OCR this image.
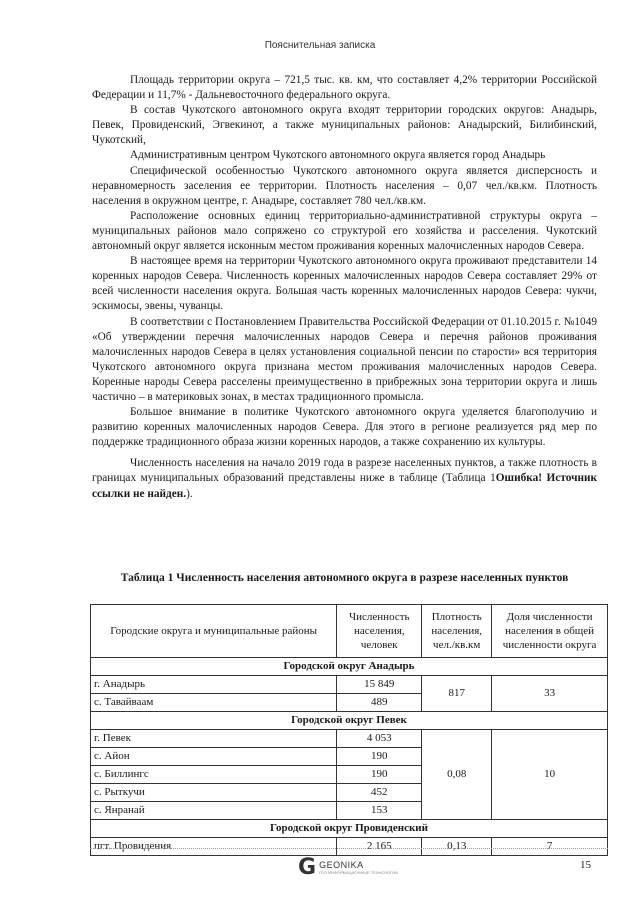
Пояснительная записка

Площадь территории округа – 721,5 тыс. кв. км, что составляет 4,2% территории Российской Федерации и 11,7% - Дальневосточного федерального округа.

В состав Чукотского автономного округа входят территории городских округов: Анадырь, Певек, Провиденский, Эгвекинот, а также муниципальных районов: Анадырский, Билибинский, Чукотский,

Административным центром Чукотского автономного округа является город Анадырь

Специфической особенностью Чукотского автономного округа является дисперсность и неравномерность заселения ее территории. Плотность населения – 0,07 чел./кв.км. Плотность населения в окружном центре, г. Анадыре, составляет 780 чел./кв.км.

Расположение основных единиц территориально-административной структуры округа – муниципальных районов мало сопряжено со структурой его хозяйства и расселения. Чукотский автономный округ является исконным местом проживания коренных малочисленных народов Севера.

В настоящее время на территории Чукотского автономного округа проживают представители 14 коренных народов Севера. Численность коренных малочисленных народов Севера составляет 29% от всей численности населения округа. Большая часть коренных малочисленных народов Севера: чукчи, эскимосы, эвены, чуванцы.

В соответствии с Постановлением Правительства Российской Федерации от 01.10.2015 г. №1049 «Об утверждении перечня малочисленных народов Севера и перечня районов проживания малочисленных народов Севера в целях установления социальной пенсии по старости» вся территория Чукотского автономного округа признана местом проживания малочисленных народов Севера. Коренные народы Севера расселены преимущественно в прибрежных зона территории округа и лишь частично – в материковых зонах, в местах традиционного промысла.

Большое внимание в политике Чукотского автономного округа уделяется благополучию и развитию коренных малочисленных народов Севера. Для этого в регионе реализуется ряд мер по поддержке традиционного образа жизни коренных народов, а также сохранению их культуры.

Численность населения на начало 2019 года в разрезе населенных пунктов, а также плотность в границах муниципальных образований представлены ниже в таблице (Таблица 1Ошибка! Источник ссылки не найден.).

Таблица 1 Численность населения автономного округа в разрезе населенных пунктов
Городские округа и муниципальные районы	Численность населения, человек	Плотность населения, чел./кв.км	Доля численности населения в общей численности округа
Городской округ Анадырь			
г. Анадырь	15 849	817	33
с. Тавайваам	489		
Городской округ Певек			
г. Певек	4 053	0,08	10
с. Айон	190		
с. Биллингс	190		
с. Рыткучи	452		
с. Янранай	153		
Городской округ Провиденский			
пгт. Провидения	2 165	0,13	7
G GEONIKA
ГЕО ИНФОРМАЦИОННЫЕ ТЕХНОЛОГИИ
15
